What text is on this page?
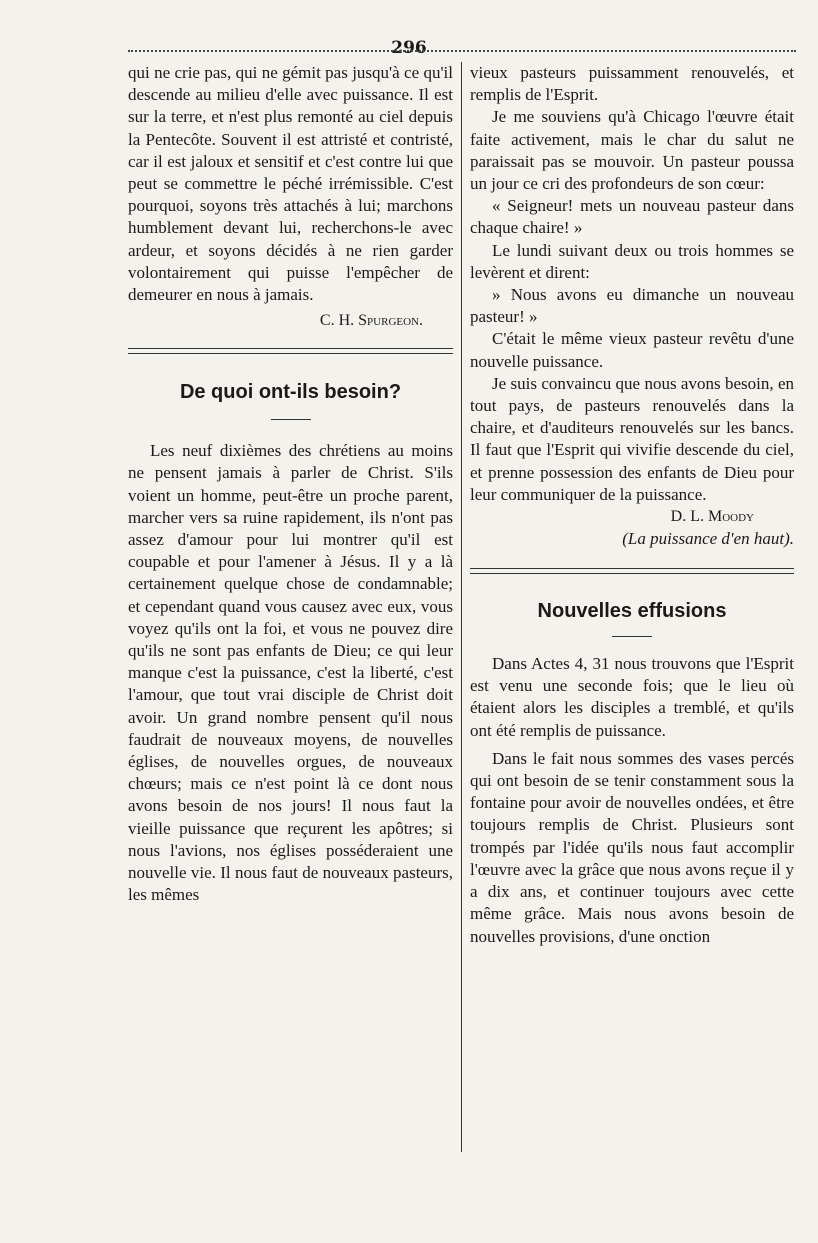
296

qui ne crie pas, qui ne gémit pas jusqu'à ce qu'il descende au milieu d'elle avec puissance. Il est sur la terre, et n'est plus remonté au ciel depuis la Pentecôte. Souvent il est attristé et contristé, car il est jaloux et sensitif et c'est contre lui que peut se commettre le péché irrémissible. C'est pourquoi, soyons très attachés à lui; marchons humblement devant lui, recherchons-le avec ardeur, et soyons décidés à ne rien garder volontairement qui puisse l'empêcher de demeurer en nous à jamais.

C. H. Spurgeon.

De quoi ont-ils besoin?

Les neuf dixièmes des chrétiens au moins ne pensent jamais à parler de Christ. S'ils voient un homme, peut-être un proche parent, marcher vers sa ruine rapidement, ils n'ont pas assez d'amour pour lui montrer qu'il est coupable et pour l'amener à Jésus. Il y a là certainement quelque chose de condamnable; et cependant quand vous causez avec eux, vous voyez qu'ils ont la foi, et vous ne pouvez dire qu'ils ne sont pas enfants de Dieu; ce qui leur manque c'est la puissance, c'est la liberté, c'est l'amour, que tout vrai disciple de Christ doit avoir. Un grand nombre pensent qu'il nous faudrait de nouveaux moyens, de nouvelles églises, de nouvelles orgues, de nouveaux chœurs; mais ce n'est point là ce dont nous avons besoin de nos jours! Il nous faut la vieille puissance que reçurent les apôtres; si nous l'avions, nos églises posséderaient une nouvelle vie. Il nous faut de nouveaux pasteurs, les mêmes

vieux pasteurs puissamment renouvelés, et remplis de l'Esprit.

Je me souviens qu'à Chicago l'œuvre était faite activement, mais le char du salut ne paraissait pas se mouvoir. Un pasteur poussa un jour ce cri des profondeurs de son cœur:

« Seigneur! mets un nouveau pasteur dans chaque chaire! »

Le lundi suivant deux ou trois hommes se levèrent et dirent:

» Nous avons eu dimanche un nouveau pasteur! »

C'était le même vieux pasteur revêtu d'une nouvelle puissance.

Je suis convaincu que nous avons besoin, en tout pays, de pasteurs renouvelés dans la chaire, et d'auditeurs renouvelés sur les bancs. Il faut que l'Esprit qui vivifie descende du ciel, et prenne possession des enfants de Dieu pour leur communiquer de la puissance.

D. L. Moody

(La puissance d'en haut).

Nouvelles effusions

Dans Actes 4, 31 nous trouvons que l'Esprit est venu une seconde fois; que le lieu où étaient alors les disciples a tremblé, et qu'ils ont été remplis de puissance.

Dans le fait nous sommes des vases percés qui ont besoin de se tenir constamment sous la fontaine pour avoir de nouvelles ondées, et être toujours remplis de Christ. Plusieurs sont trompés par l'idée qu'ils nous faut accomplir l'œuvre avec la grâce que nous avons reçue il y a dix ans, et continuer toujours avec cette même grâce. Mais nous avons besoin de nouvelles provisions, d'une onction
